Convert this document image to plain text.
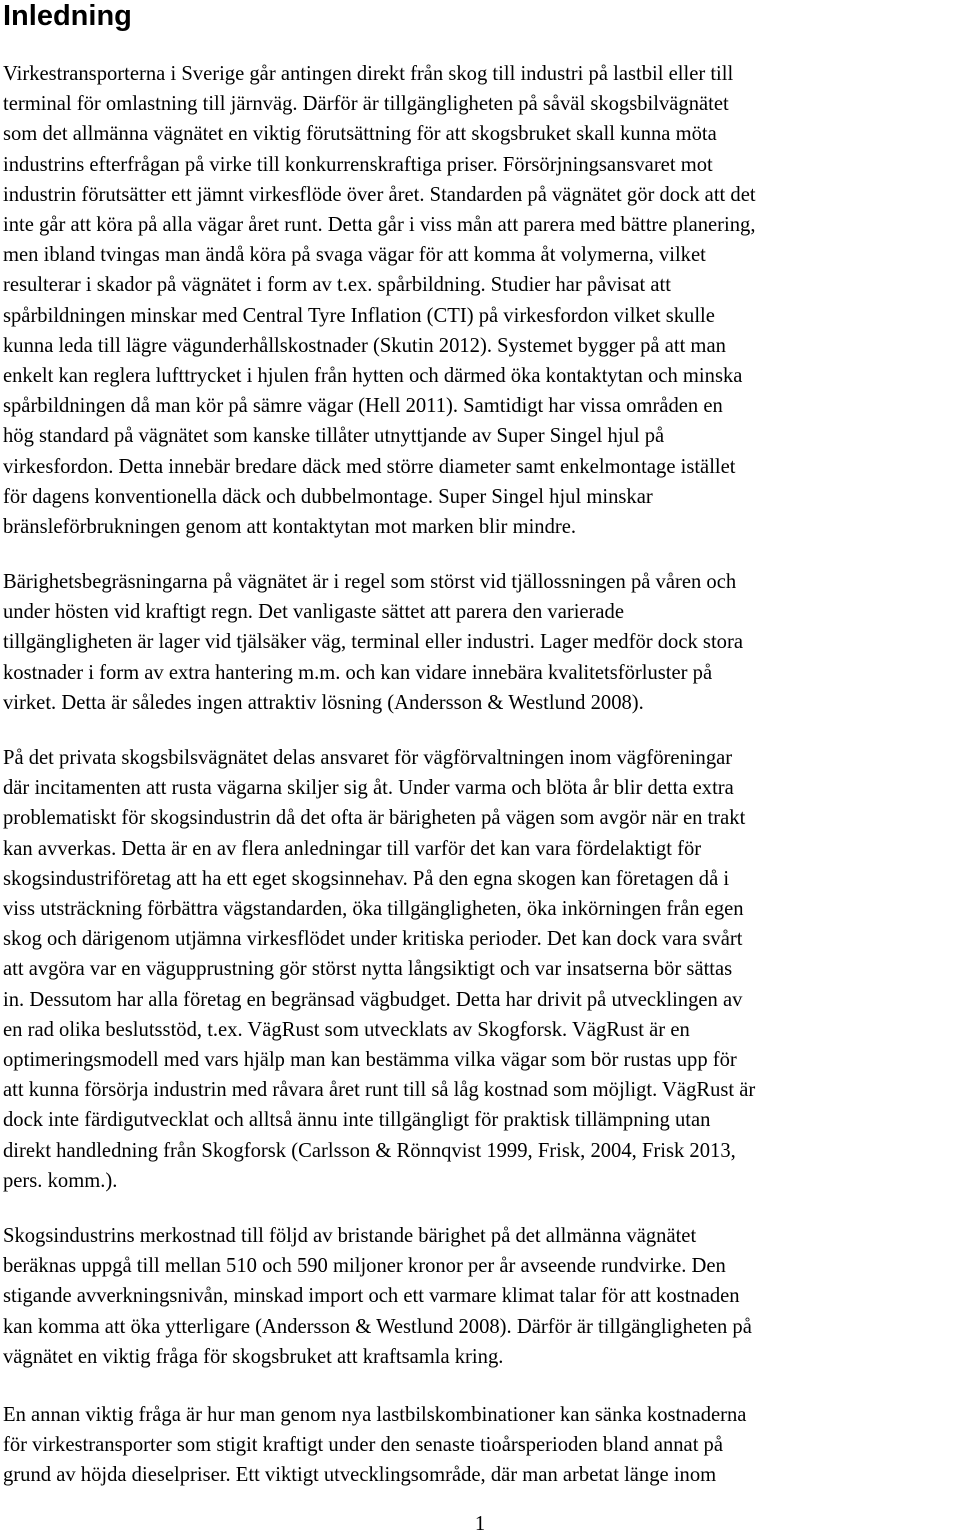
Inledning
Virkestransporterna i Sverige går antingen direkt från skog till industri på lastbil eller till
terminal för omlastning till järnväg. Därför är tillgängligheten på såväl skogsbilvägnätet
som det allmänna vägnätet en viktig förutsättning för att skogsbruket skall kunna möta
industrins efterfrågan på virke till konkurrenskraftiga priser. Försörjningsansvaret mot
industrin förutsätter ett jämnt virkesflöde över året. Standarden på vägnätet gör dock att det
inte går att köra på alla vägar året runt. Detta går i viss mån att parera med bättre planering,
men ibland tvingas man ändå köra på svaga vägar för att komma åt volymerna, vilket
resulterar i skador på vägnätet i form av t.ex. spårbildning. Studier har påvisat att
spårbildningen minskar med Central Tyre Inflation (CTI) på virkesfordon vilket skulle
kunna leda till lägre vägunderhållskostnader (Skutin 2012). Systemet bygger på att man
enkelt kan reglera lufttrycket i hjulen från hytten och därmed öka kontaktytan och minska
spårbildningen då man kör på sämre vägar (Hell 2011). Samtidigt har vissa områden en
hög standard på vägnätet som kanske tillåter utnyttjande av Super Singel hjul på
virkesfordon. Detta innebär bredare däck med större diameter samt enkelmontage istället
för dagens konventionella däck och dubbelmontage. Super Singel hjul minskar
bränsleförbrukningen genom att kontaktytan mot marken blir mindre.
Bärighetsbegräsningarna på vägnätet är i regel som störst vid tjällossningen på våren och
under hösten vid kraftigt regn. Det vanligaste sättet att parera den varierade
tillgängligheten är lager vid tjälsäker väg, terminal eller industri. Lager medför dock stora
kostnader i form av extra hantering m.m. och kan vidare innebära kvalitetsförluster på
virket. Detta är således ingen attraktiv lösning (Andersson & Westlund 2008).
På det privata skogsbilsvägnätet delas ansvaret för vägförvaltningen inom vägföreningar
där incitamenten att rusta vägarna skiljer sig åt. Under varma och blöta år blir detta extra
problematiskt för skogsindustrin då det ofta är bärigheten på vägen som avgör när en trakt
kan avverkas. Detta är en av flera anledningar till varför det kan vara fördelaktigt för
skogsindustriföretag att ha ett eget skogsinnehav. På den egna skogen kan företagen då i
viss utsträckning förbättra vägstandarden, öka tillgängligheten, öka inkörningen från egen
skog och därigenom utjämna virkesflödet under kritiska perioder. Det kan dock vara svårt
att avgöra var en vägupprustning gör störst nytta långsiktigt och var insatserna bör sättas
in. Dessutom har alla företag en begränsad vägbudget. Detta har drivit på utvecklingen av
en rad olika beslutsstöd, t.ex. VägRust som utvecklats av Skogforsk. VägRust är en
optimeringsmodell med vars hjälp man kan bestämma vilka vägar som bör rustas upp för
att kunna försörja industrin med råvara året runt till så låg kostnad som möjligt. VägRust är
dock inte färdigutvecklat och alltså ännu inte tillgängligt för praktisk tillämpning utan
direkt handledning från Skogforsk (Carlsson & Rönnqvist 1999, Frisk, 2004, Frisk 2013,
pers. komm.).
Skogsindustrins merkostnad till följd av bristande bärighet på det allmänna vägnätet
beräknas uppgå till mellan 510 och 590 miljoner kronor per år avseende rundvirke. Den
stigande avverkningsnivån, minskad import och ett varmare klimat talar för att kostnaden
kan komma att öka ytterligare (Andersson & Westlund 2008). Därför är tillgängligheten på
vägnätet en viktig fråga för skogsbruket att kraftsamla kring.
En annan viktig fråga är hur man genom nya lastbilskombinationer kan sänka kostnaderna
för virkestransporter som stigit kraftigt under den senaste tioårsperioden bland annat på
grund av höjda dieselpriser. Ett viktigt utvecklingsområde, där man arbetat länge inom
1
